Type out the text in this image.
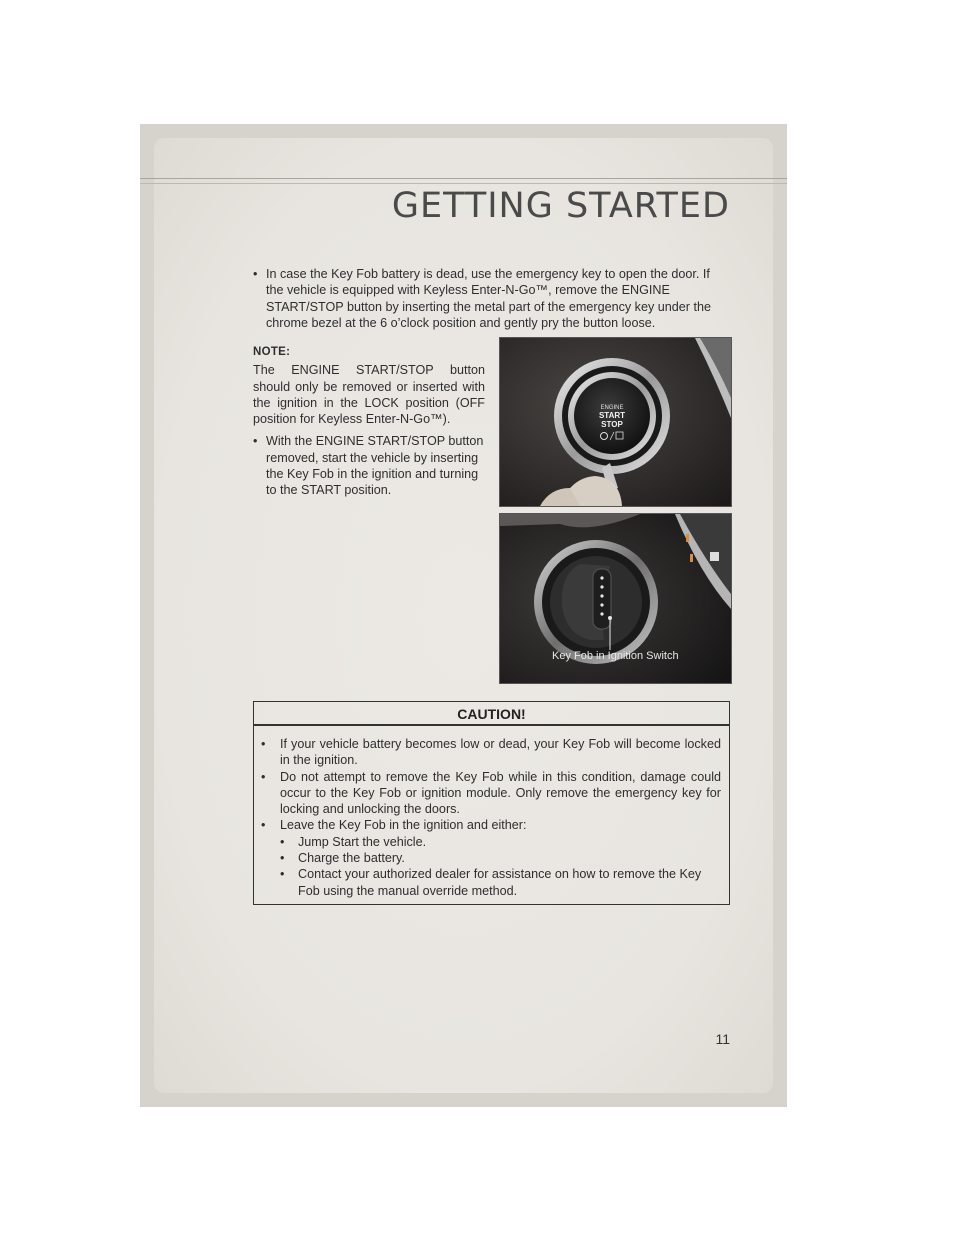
GETTING STARTED

• In case the Key Fob battery is dead, use the emergency key to open the door. If the vehicle is equipped with Keyless Enter-N-Go™, remove the ENGINE START/STOP button by inserting the metal part of the emergency key under the chrome bezel at the 6 o’clock position and gently pry the button loose.

NOTE:

The ENGINE START/STOP button should only be removed or inserted with the ignition in the LOCK position (OFF position for Keyless Enter-N-Go™).

• With the ENGINE START/STOP button removed, start the vehicle by inserting the Key Fob in the ignition and turning to the START position.

ENGINE
START
STOP
Key Fob in Ignition Switch
CAUTION!

• If your vehicle battery becomes low or dead, your Key Fob will become locked in the ignition.

• Do not attempt to remove the Key Fob while in this condition, damage could occur to the Key Fob or ignition module. Only remove the emergency key for locking and unlocking the doors.

• Leave the Key Fob in the ignition and either:

• Jump Start the vehicle.

• Charge the battery.

• Contact your authorized dealer for assistance on how to remove the Key Fob using the manual override method.

11
